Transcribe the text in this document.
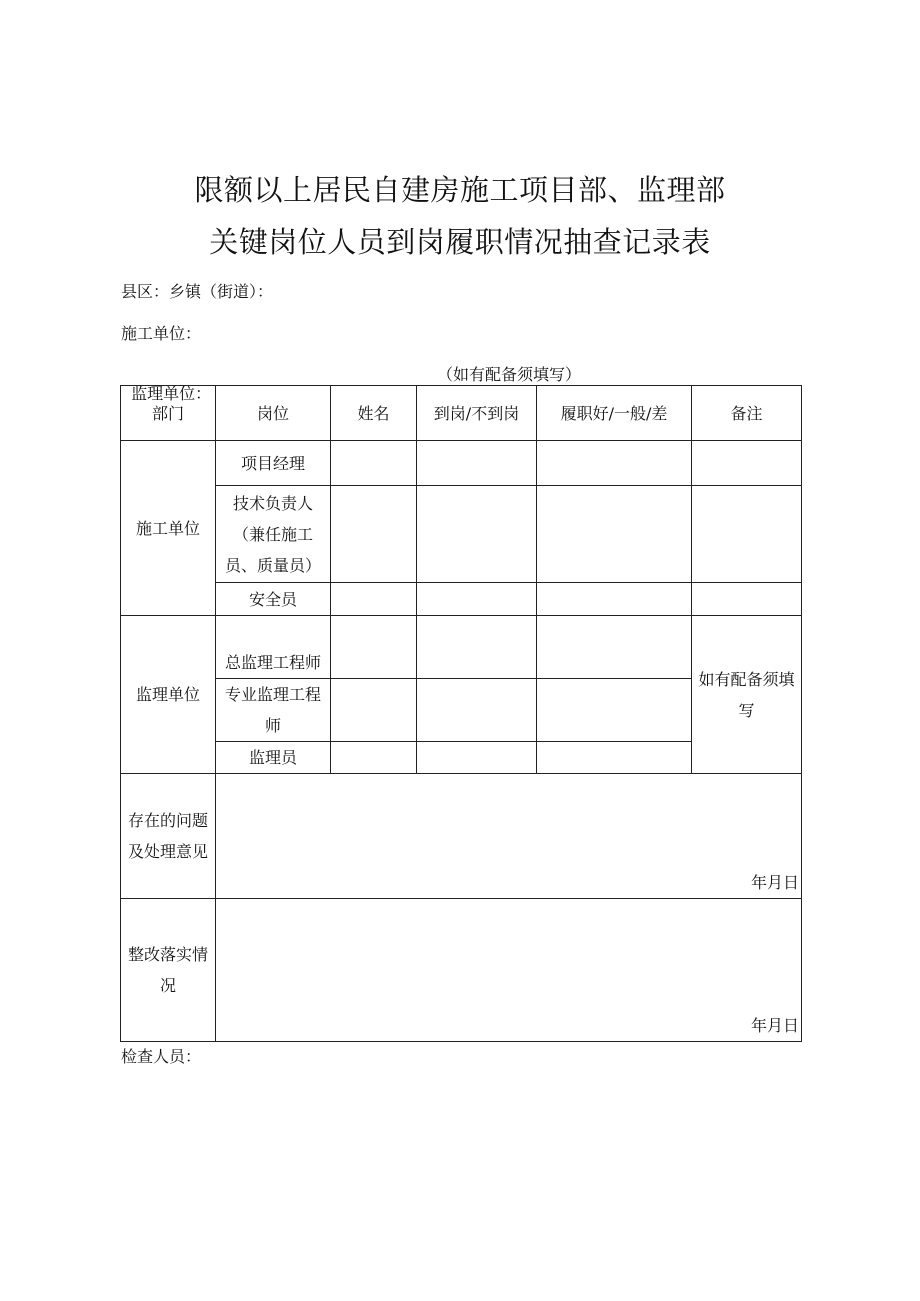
限额以上居民自建房施工项目部、监理部
关键岗位人员到岗履职情况抽查记录表
县区：乡镇（街道）：
施工单位：

监理单位：

（如有配备须填写）

部门	岗位	姓名	到岗/不到岗	履职好/一般/差	备注
施工单位	项目经理				

	技术负责人（兼任施工员、质量员）				

	安全员				
监理单位	总监理工程师				如有配备须填写

	专业监理工程师				

	监理员				

存在的问题及处理意见	年月日				

整改落实情况	年月日				
检查人员：
